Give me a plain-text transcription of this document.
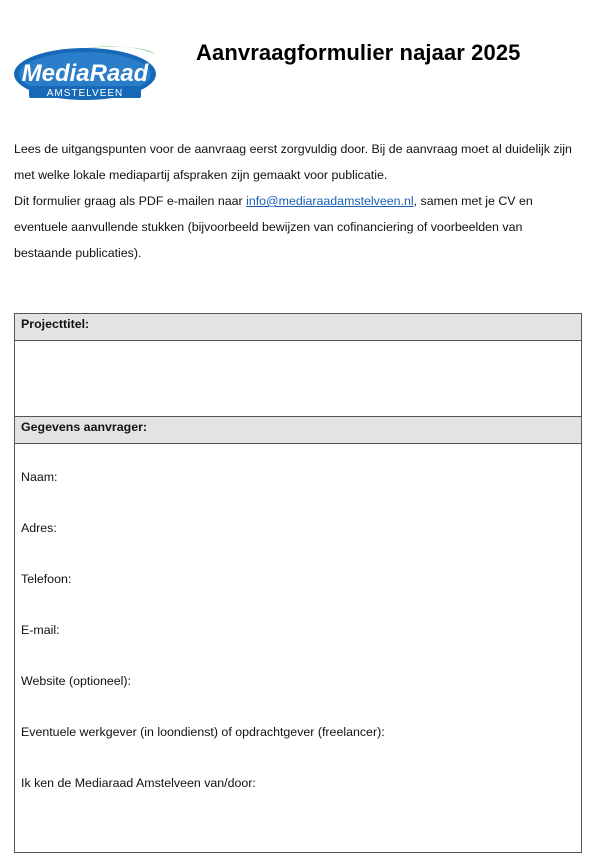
MediaRaad
AMSTELVEEN
Aanvraagformulier najaar 2025
Lees de uitgangspunten voor de aanvraag eerst zorgvuldig door. Bij de aanvraag moet al duidelijk zijn
met welke lokale mediapartij afspraken zijn gemaakt voor publicatie.
Dit formulier graag als PDF e-mailen naar info@mediaraadamstelveen.nl, samen met je CV en
eventuele aanvullende stukken (bijvoorbeeld bewijzen van cofinanciering of voorbeelden van
bestaande publicaties).
Projecttitel:
Gegevens aanvrager:
Naam:
Adres:
Telefoon:
E-mail:
Website (optioneel):
Eventuele werkgever (in loondienst) of opdrachtgever (freelancer):
Ik ken de Mediaraad Amstelveen van/door:
